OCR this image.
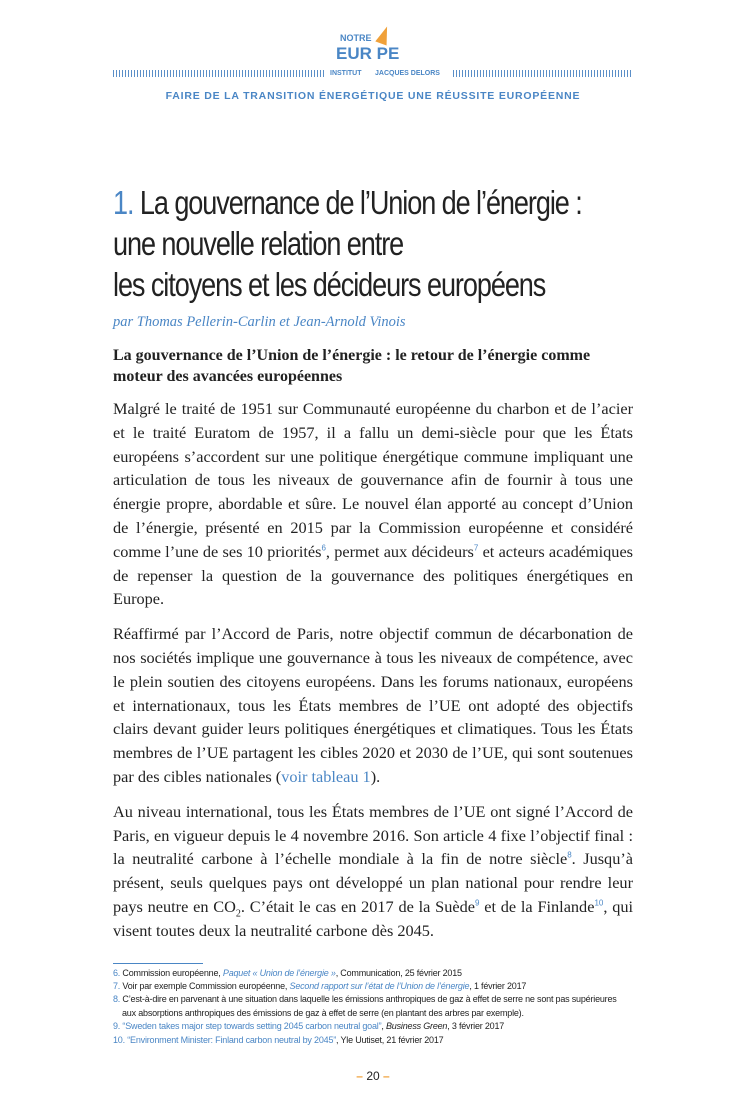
NOTRE
EUR PE
INSTITUT JACQUES DELORS
FAIRE DE LA TRANSITION ÉNERGÉTIQUE UNE RÉUSSITE EUROPÉENNE
1. La gouvernance de l’Union de l’énergie :
une nouvelle relation entre
les citoyens et les décideurs européens
par Thomas Pellerin-Carlin et Jean-Arnold Vinois
La gouvernance de l’Union de l’énergie : le retour de l’énergie comme moteur des avancées européennes

Malgré le traité de 1951 sur Communauté européenne du charbon et de l’acier et le traité Euratom de 1957, il a fallu un demi-siècle pour que les États européens s’accordent sur une politique énergétique commune impliquant une articulation de tous les niveaux de gouvernance afin de fournir à tous une énergie propre, abordable et sûre. Le nouvel élan apporté au concept d’Union de l’énergie, présenté en 2015 par la Commission européenne et considéré comme l’une de ses 10 priorités$^6$, permet aux décideurs$^7$ et acteurs académiques de repenser la question de la gouvernance des politiques énergétiques en Europe.

Réaffirmé par l’Accord de Paris, notre objectif commun de décarbonation de nos sociétés implique une gouvernance à tous les niveaux de compétence, avec le plein soutien des citoyens européens. Dans les forums nationaux, européens et internationaux, tous les États membres de l’UE ont adopté des objectifs clairs devant guider leurs politiques énergétiques et climatiques. Tous les États membres de l’UE partagent les cibles 2020 et 2030 de l’UE, qui sont soutenues par des cibles nationales (voir tableau 1).

Au niveau international, tous les États membres de l’UE ont signé l’Accord de Paris, en vigueur depuis le 4 novembre 2016. Son article 4 fixe l’objectif final : la neutralité carbone à l’échelle mondiale à la fin de notre siècle$^8$. Jusqu’à présent, seuls quelques pays ont développé un plan national pour rendre leur pays neutre en $CO_2$. C’était le cas en 2017 de la Suède$^9$ et de la Finlande$^{10}$, qui visent toutes deux la neutralité carbone dès 2045.

6. Commission européenne, Paquet « Union de l’énergie », Communication, 25 février 2015
7. Voir par exemple Commission européenne, Second rapport sur l’état de l’Union de l’énergie, 1 février 2017
8. C’est-à-dire en parvenant à une situation dans laquelle les émissions anthropiques de gaz à effet de serre ne sont pas supérieures
aux absorptions anthropiques des émissions de gaz à effet de serre (en plantant des arbres par exemple).
9. “Sweden takes major step towards setting 2045 carbon neutral goal”, Business Green, 3 février 2017
10. “Environment Minister: Finland carbon neutral by 2045”, Yle Uutiset, 21 février 2017
– 20 –
